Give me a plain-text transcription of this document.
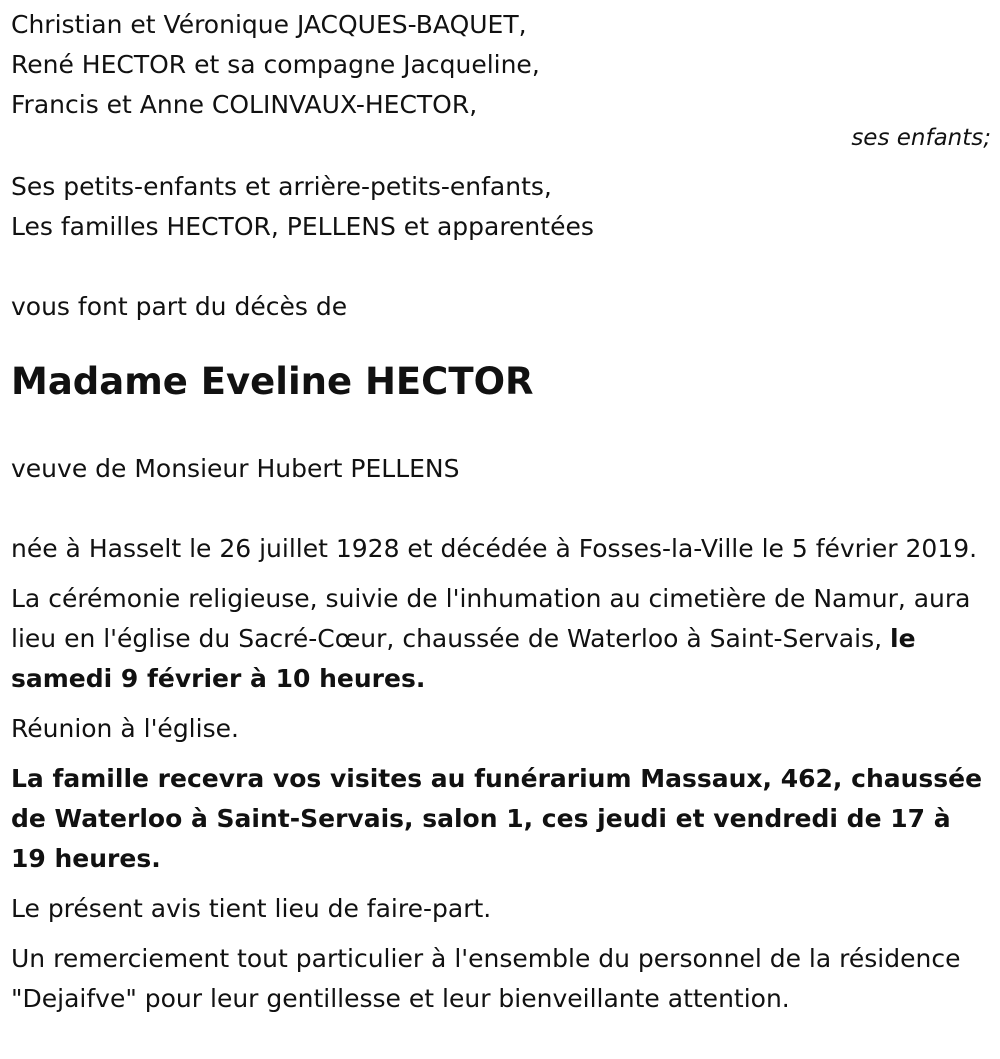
Christian et Véronique JACQUES-BAQUET,
René HECTOR et sa compagne Jacqueline,
Francis et Anne COLINVAUX-HECTOR,
ses enfants;
Ses petits-enfants et arrière-petits-enfants,
Les familles HECTOR, PELLENS et apparentées
vous font part du décès de
Madame Eveline HECTOR
veuve de Monsieur Hubert PELLENS

née à Hasselt le 26 juillet 1928 et décédée à Fosses-la-Ville le 5 février 2019.

La cérémonie religieuse, suivie de l'inhumation au cimetière de Namur, aura lieu en l'église du Sacré-Cœur, chaussée de Waterloo à Saint-Servais, le samedi 9 février à 10 heures.

Réunion à l'église.

La famille recevra vos visites au funérarium Massaux, 462, chaussée de Waterloo à Saint-Servais, salon 1, ces jeudi et vendredi de 17 à 19 heures.

Le présent avis tient lieu de faire-part.

Un remerciement tout particulier à l'ensemble du personnel de la résidence "Dejaifve" pour leur gentillesse et leur bienveillante attention.
